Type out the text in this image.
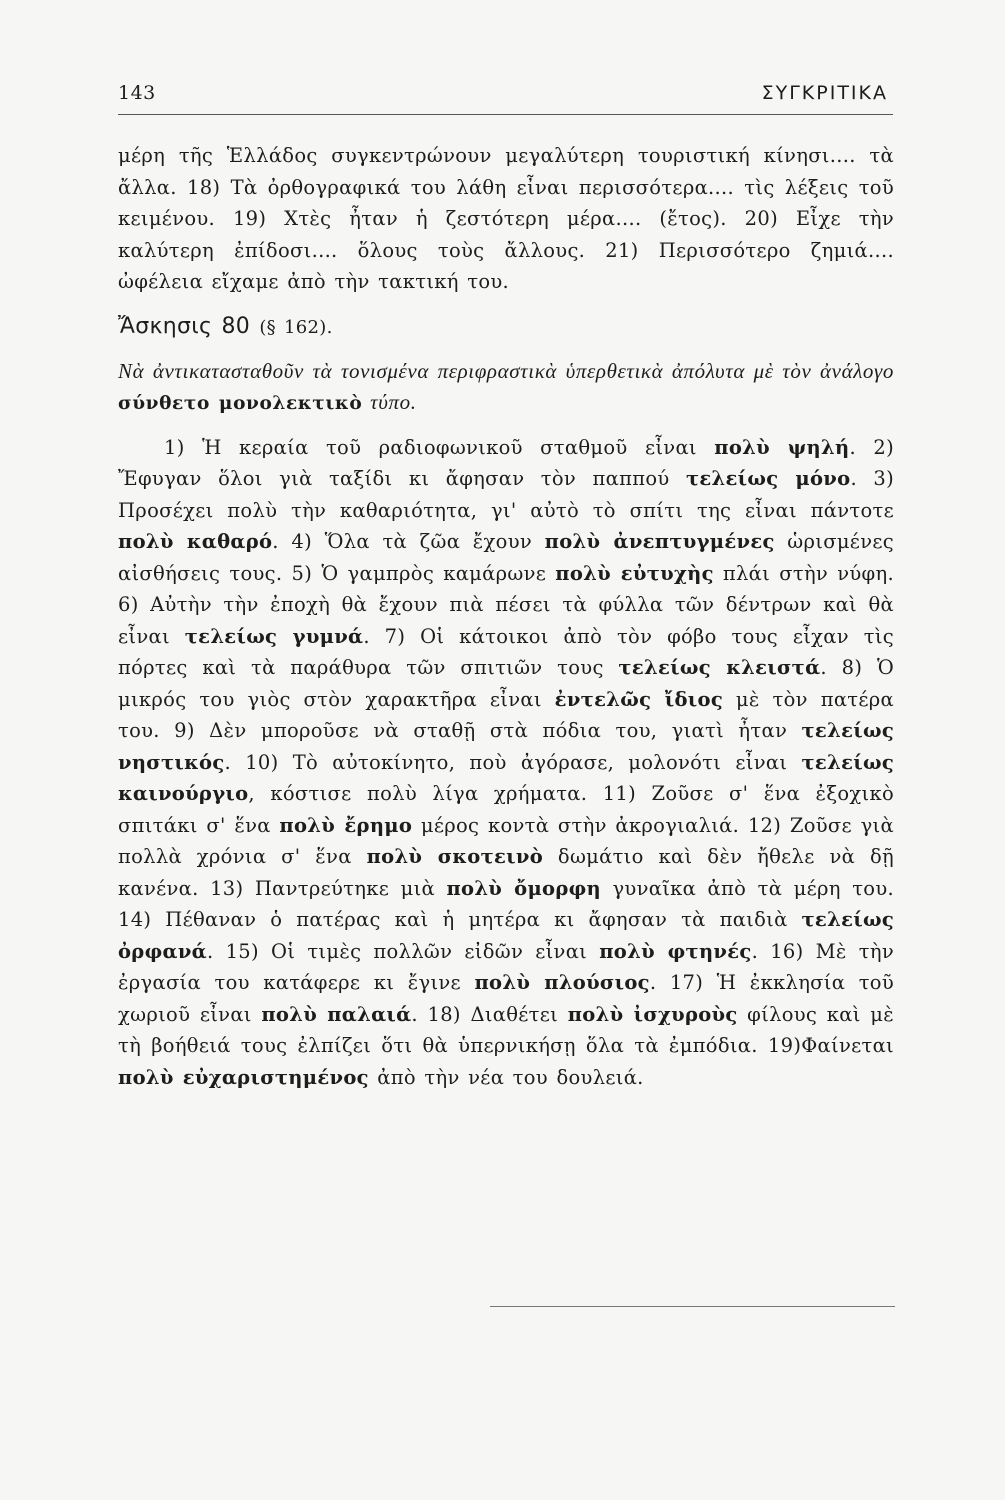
143	ΣΥΓΚΡΙΤΙΚΑ

μέρη τῆς Ἑλλάδος συγκεντρώνουν μεγαλύτερη τουριστική κίνησι.... τὰ ἄλλα. 18) Τὰ ὀρθογραφικά του λάθη εἶναι περισσότερα.... τὶς λέξεις τοῦ κειμένου. 19) Χτὲς ἦταν ἡ ζεστότερη μέρα.... (ἔτος). 20) Εἶχε τὴν καλύτερη ἐπίδοσι.... ὅλους τοὺς ἄλλους. 21) Περισσότερο ζημιά.... ὠφέλεια εἴχαμε ἀπὸ τὴν τακτική του.

Ἄσκησις 80 (§ 162).

Νὰ ἀντικατασταθοῦν τὰ τονισμένα περιφραστικὰ ὑπερθετικὰ ἀπόλυτα μὲ τὸν ἀνάλογο σύνθετο μονολεκτικὸ τύπο.

1) Ἡ κεραία τοῦ ραδιοφωνικοῦ σταθμοῦ εἶναι πολὺ ψηλή. 2) Ἔφυγαν ὅλοι γιὰ ταξίδι κι ἄφησαν τὸν παππού τελείως μόνο. 3) Προσέχει πολὺ τὴν καθαριότητα, γι' αὐτὸ τὸ σπίτι της εἶναι πάντοτε πολὺ καθαρό. 4) Ὅλα τὰ ζῶα ἔχουν πολὺ ἀνεπτυγμένες ὡρισμένες αἰσθήσεις τους. 5) Ὁ γαμπρὸς καμάρωνε πολὺ εὐτυχὴς πλάι στὴν νύφη. 6) Αὐτὴν τὴν ἐποχὴ θὰ ἔχουν πιὰ πέσει τὰ φύλλα τῶν δέντρων καὶ θὰ εἶναι τελείως γυμνά. 7) Οἱ κάτοικοι ἀπὸ τὸν φόβο τους εἶχαν τὶς πόρτες καὶ τὰ παράθυρα τῶν σπιτιῶν τους τελείως κλειστά. 8) Ὁ μικρός του γιὸς στὸν χαρακτῆρα εἶναι ἐντελῶς ἴδιος μὲ τὸν πατέρα του. 9) Δὲν μποροῦσε νὰ σταθῇ στὰ πόδια του, γιατὶ ἦταν τελείως νηστικός. 10) Τὸ αὐτοκίνητο, ποὺ ἀγόρασε, μολονότι εἶναι τελείως καινούργιο, κόστισε πολὺ λίγα χρήματα. 11) Ζοῦσε σ' ἕνα ἐξοχικὸ σπιτάκι σ' ἕνα πολὺ ἔρημο μέρος κοντὰ στὴν ἀκρογιαλιά. 12) Ζοῦσε γιὰ πολλὰ χρόνια σ' ἕνα πολὺ σκοτεινὸ δωμάτιο καὶ δὲν ἤθελε νὰ δῇ κανένα. 13) Παντρεύτηκε μιὰ πολὺ ὄμορφη γυναῖκα ἀπὸ τὰ μέρη του. 14) Πέθαναν ὁ πατέρας καὶ ἡ μητέρα κι ἄφησαν τὰ παιδιὰ τελείως ὀρφανά. 15) Οἱ τιμὲς πολλῶν εἰδῶν εἶναι πολὺ φτηνές. 16) Μὲ τὴν ἐργασία του κατάφερε κι ἔγινε πολὺ πλούσιος. 17) Ἡ ἐκκλησία τοῦ χωριοῦ εἶναι πολὺ παλαιά. 18) Διαθέτει πολὺ ἰσχυροὺς φίλους καὶ μὲ τὴ βοήθειά τους ἐλπίζει ὅτι θὰ ὑπερνικήσῃ ὅλα τὰ ἐμπόδια. 19)Φαίνεται πολὺ εὐχαριστημένος ἀπὸ τὴν νέα του δουλειά.
